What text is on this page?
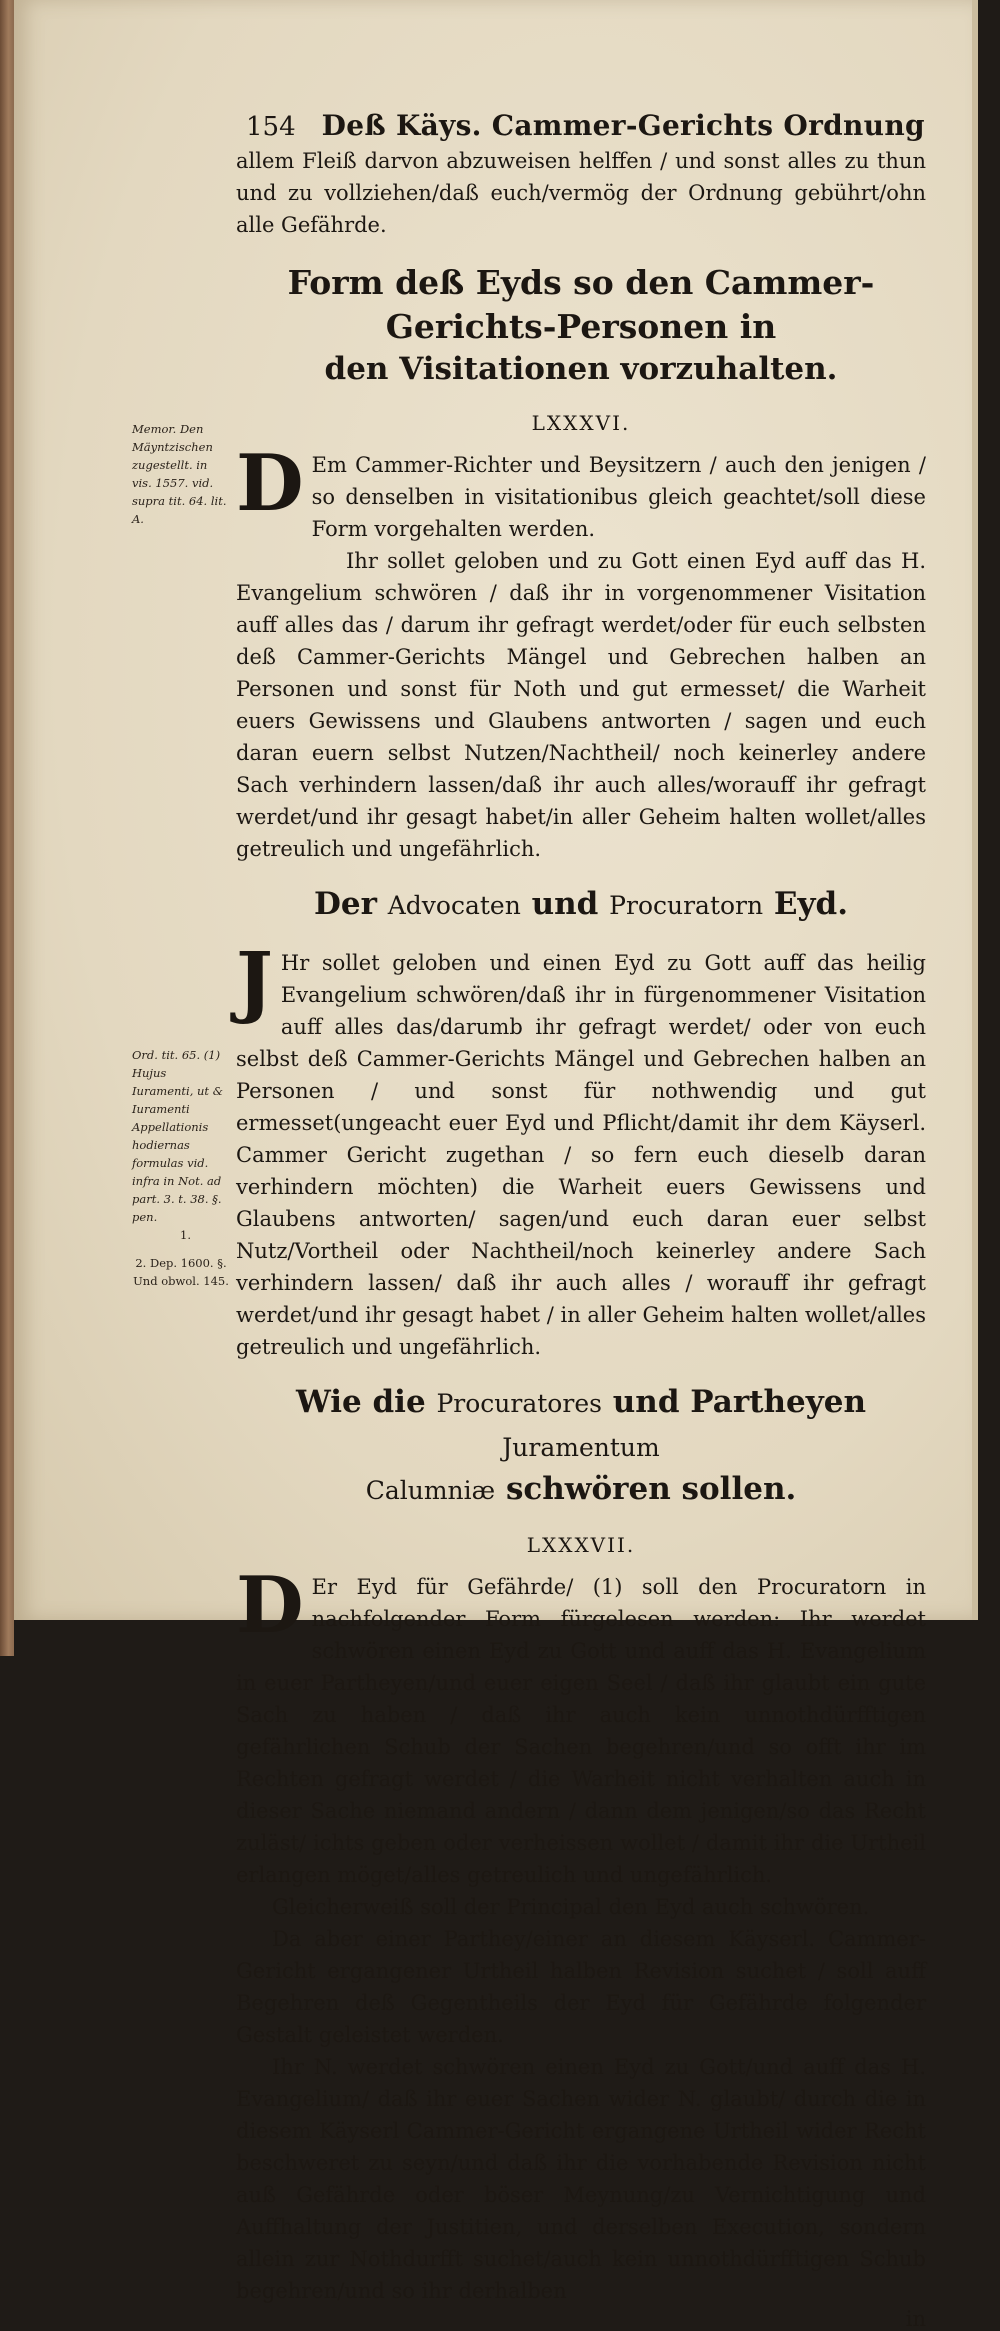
Memor. Den Mäyntzischen zugestellt. in vis. 1557. vid. supra tit. 64. lit. A.
Ord. tit. 65. (1) Hujus Iuramenti, ut & Iuramenti Appellationis hodiernas formulas vid. infra in Not. ad part. 3. t. 38. §. pen.
1.
2. Dep. 1600. §. Und obwol. 145.
154 Deß Käys. Cammer-Gerichts Ordnung

allem Fleiß darvon abzuweisen helffen / und sonst alles zu thun und zu vollziehen/daß euch/vermög der Ordnung gebührt/ohn alle Gefährde.

Form deß Eyds so den Cammer-Gerichts-Personen in
den Visitationen vorzuhalten.
LXXXVI.
D Em Cammer-Richter und Beysitzern / auch den jenigen / so denselben in visitationibus gleich geachtet/soll diese Form vorgehalten werden.

Ihr sollet geloben und zu Gott einen Eyd auff das H. Evangelium schwören / daß ihr in vorgenommener Visitation auff alles das / darum ihr gefragt werdet/oder für euch selbsten deß Cammer-Gerichts Mängel und Gebrechen halben an Personen und sonst für Noth und gut ermesset/ die Warheit euers Gewissens und Glaubens antworten / sagen und euch daran euern selbst Nutzen/Nachtheil/ noch keinerley andere Sach verhindern lassen/daß ihr auch alles/worauff ihr gefragt werdet/und ihr gesagt habet/in aller Geheim halten wollet/alles getreulich und ungefährlich.

Der Advocaten und Procuratorn Eyd.
J Hr sollet geloben und einen Eyd zu Gott auff das heilig Evangelium schwören/daß ihr in fürgenommener Visitation auff alles das/darumb ihr gefragt werdet/ oder von euch selbst deß Cammer-Gerichts Mängel und Gebrechen halben an Personen / und sonst für nothwendig und gut ermesset(ungeacht euer Eyd und Pflicht/damit ihr dem Käyserl. Cammer Gericht zugethan / so fern euch dieselb daran verhindern möchten) die Warheit euers Gewissens und Glaubens antworten/ sagen/und euch daran euer selbst Nutz/Vortheil oder Nachtheil/noch keinerley andere Sach verhindern lassen/ daß ihr auch alles / worauff ihr gefragt werdet/und ihr gesagt habet / in aller Geheim halten wollet/alles getreulich und ungefährlich.

Wie die Procuratores und Partheyen Juramentum
Calumniæ schwören sollen.
LXXXVII.
D Er Eyd für Gefährde/ (1) soll den Procuratorn in nachfolgender Form fürgelesen werden: Ihr werdet schwören einen Eyd zu Gott und auff das H. Evangelium in euer Partheyen/und euer eigen Seel / daß ihr glaubt ein gute Sach zu haben / daß ihr auch kein unnothdürfftigen gefährlichen Schub der Sachen begehren/und so offt ihr im Rechten gefragt werdet / die Warheit nicht verhalten auch in dieser Sache niemand andern / dann dem jenigen/so das Recht zuläst/ ichts geben oder verheissen wollet / damit ihr die Urtheil erlangen möget/alles getreulich und ungefährlich.

Gleicherweiß soll der Principal den Eyd auch schwören.

Da aber einer Parthey/einer an diesem Käyserl. Cammer-Gericht ergangener Urtheil halben Revision suchet / soll auff Begehren deß Gegentheils der Eyd für Gefährde folgender Gestalt geleistet werden.

Ihr N. werdet schwören einen Eyd zu Gott/und auff das H. Evangelium/ daß ihr euer Sachen wider N. glaubt/ durch die in diesem Käyserl Cammer-Gericht ergangene Urtheil wider Recht beschweret zu seyn/und daß ihr die vorhabende Revision nicht auß Gefährde oder böser Meynung/zu Vernichtigung und Auffhaltung der Justitien, und derselben Execution, sondern allein zur Nothdurfft suchet/auch kein unnothdürfftigen Schub begehren/und so ihr derhalben

in
